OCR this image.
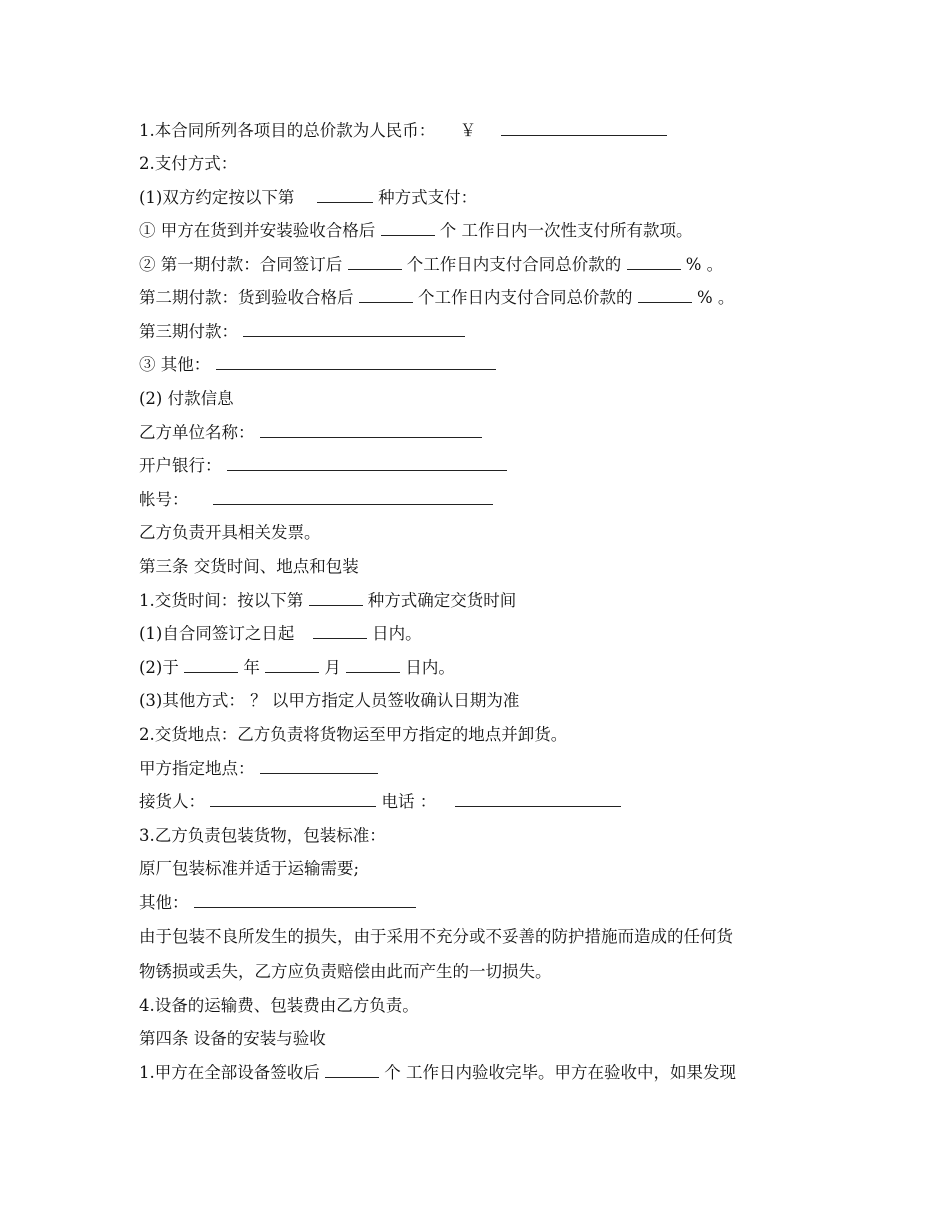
1.本合同所列各项目的总价款为人民币： ￥
2.支付方式：
(1)双方约定按以下第	种方式支付：
① 甲方在货到并安装验收合格后	个 工作日内一次性支付所有款项。
② 第一期付款：合同签订后	个工作日内支付合同总价款的	% 。
第二期付款：货到验收合格后	个工作日内支付合同总价款的	% 。
第三期付款：
③ 其他：
(2) 付款信息
乙方单位名称：
开户银行：
帐号：
乙方负责开具相关发票。
第三条 交货时间、地点和包装
1.交货时间：按以下第	种方式确定交货时间
(1)自合同签订之日起	日内。
(2)于	年	月	日内。
(3)其他方式： ？ 以甲方指定人员签收确认日期为准
2.交货地点：乙方负责将货物运至甲方指定的地点并卸货。
甲方指定地点：
接货人：	电话 ：
3.乙方负责包装货物，包装标准：
原厂包装标准并适于运输需要;
其他：
由于包装不良所发生的损失，由于采用不充分或不妥善的防护措施而造成的任何货
物锈损或丢失，乙方应负责赔偿由此而产生的一切损失。
4.设备的运输费、包装费由乙方负责。
第四条 设备的安装与验收
1.甲方在全部设备签收后	个 工作日内验收完毕。甲方在验收中，如果发现
